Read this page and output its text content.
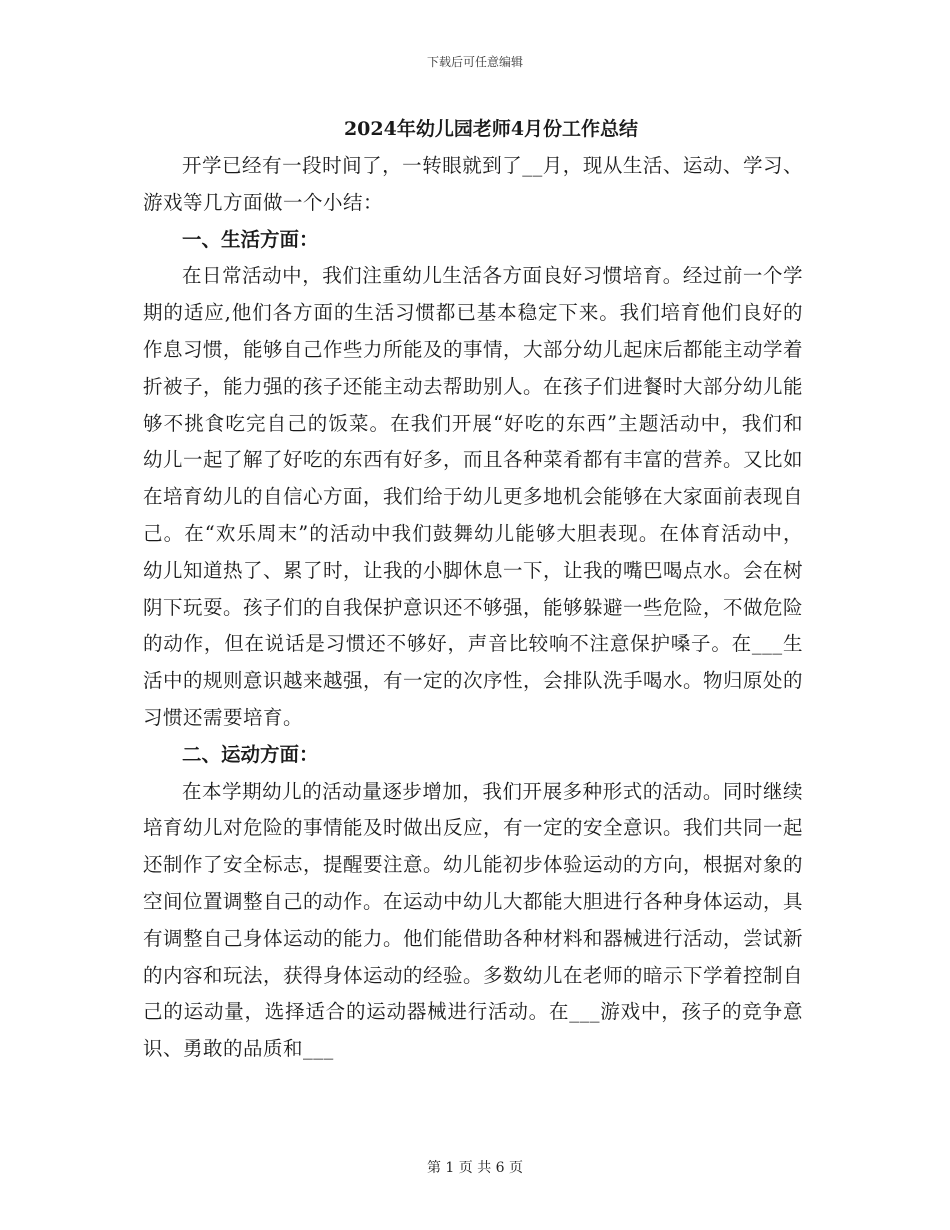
下载后可任意编辑
2024年幼儿园老师4月份工作总结

开学已经有一段时间了，一转眼就到了__月，现从生活、运动、学习、游戏等几方面做一个小结：

一、生活方面：

在日常活动中，我们注重幼儿生活各方面良好习惯培育。经过前一个学期的适应,他们各方面的生活习惯都已基本稳定下来。我们培育他们良好的作息习惯，能够自己作些力所能及的事情，大部分幼儿起床后都能主动学着折被子，能力强的孩子还能主动去帮助别人。在孩子们进餐时大部分幼儿能够不挑食吃完自己的饭菜。在我们开展“好吃的东西”主题活动中，我们和幼儿一起了解了好吃的东西有好多，而且各种菜肴都有丰富的营养。又比如在培育幼儿的自信心方面，我们给于幼儿更多地机会能够在大家面前表现自己。在“欢乐周末”的活动中我们鼓舞幼儿能够大胆表现。在体育活动中，幼儿知道热了、累了时，让我的小脚休息一下，让我的嘴巴喝点水。会在树阴下玩耍。孩子们的自我保护意识还不够强，能够躲避一些危险，不做危险的动作，但在说话是习惯还不够好，声音比较响不注意保护嗓子。在___生活中的规则意识越来越强，有一定的次序性，会排队洗手喝水。物归原处的习惯还需要培育。

二、运动方面：

在本学期幼儿的活动量逐步增加，我们开展多种形式的活动。同时继续培育幼儿对危险的事情能及时做出反应，有一定的安全意识。我们共同一起还制作了安全标志，提醒要注意。幼儿能初步体验运动的方向，根据对象的空间位置调整自己的动作。在运动中幼儿大都能大胆进行各种身体运动，具有调整自己身体运动的能力。他们能借助各种材料和器械进行活动，尝试新的内容和玩法，获得身体运动的经验。多数幼儿在老师的暗示下学着控制自己的运动量，选择适合的运动器械进行活动。在___游戏中，孩子的竞争意识、勇敢的品质和___

第 1 页 共 6 页
